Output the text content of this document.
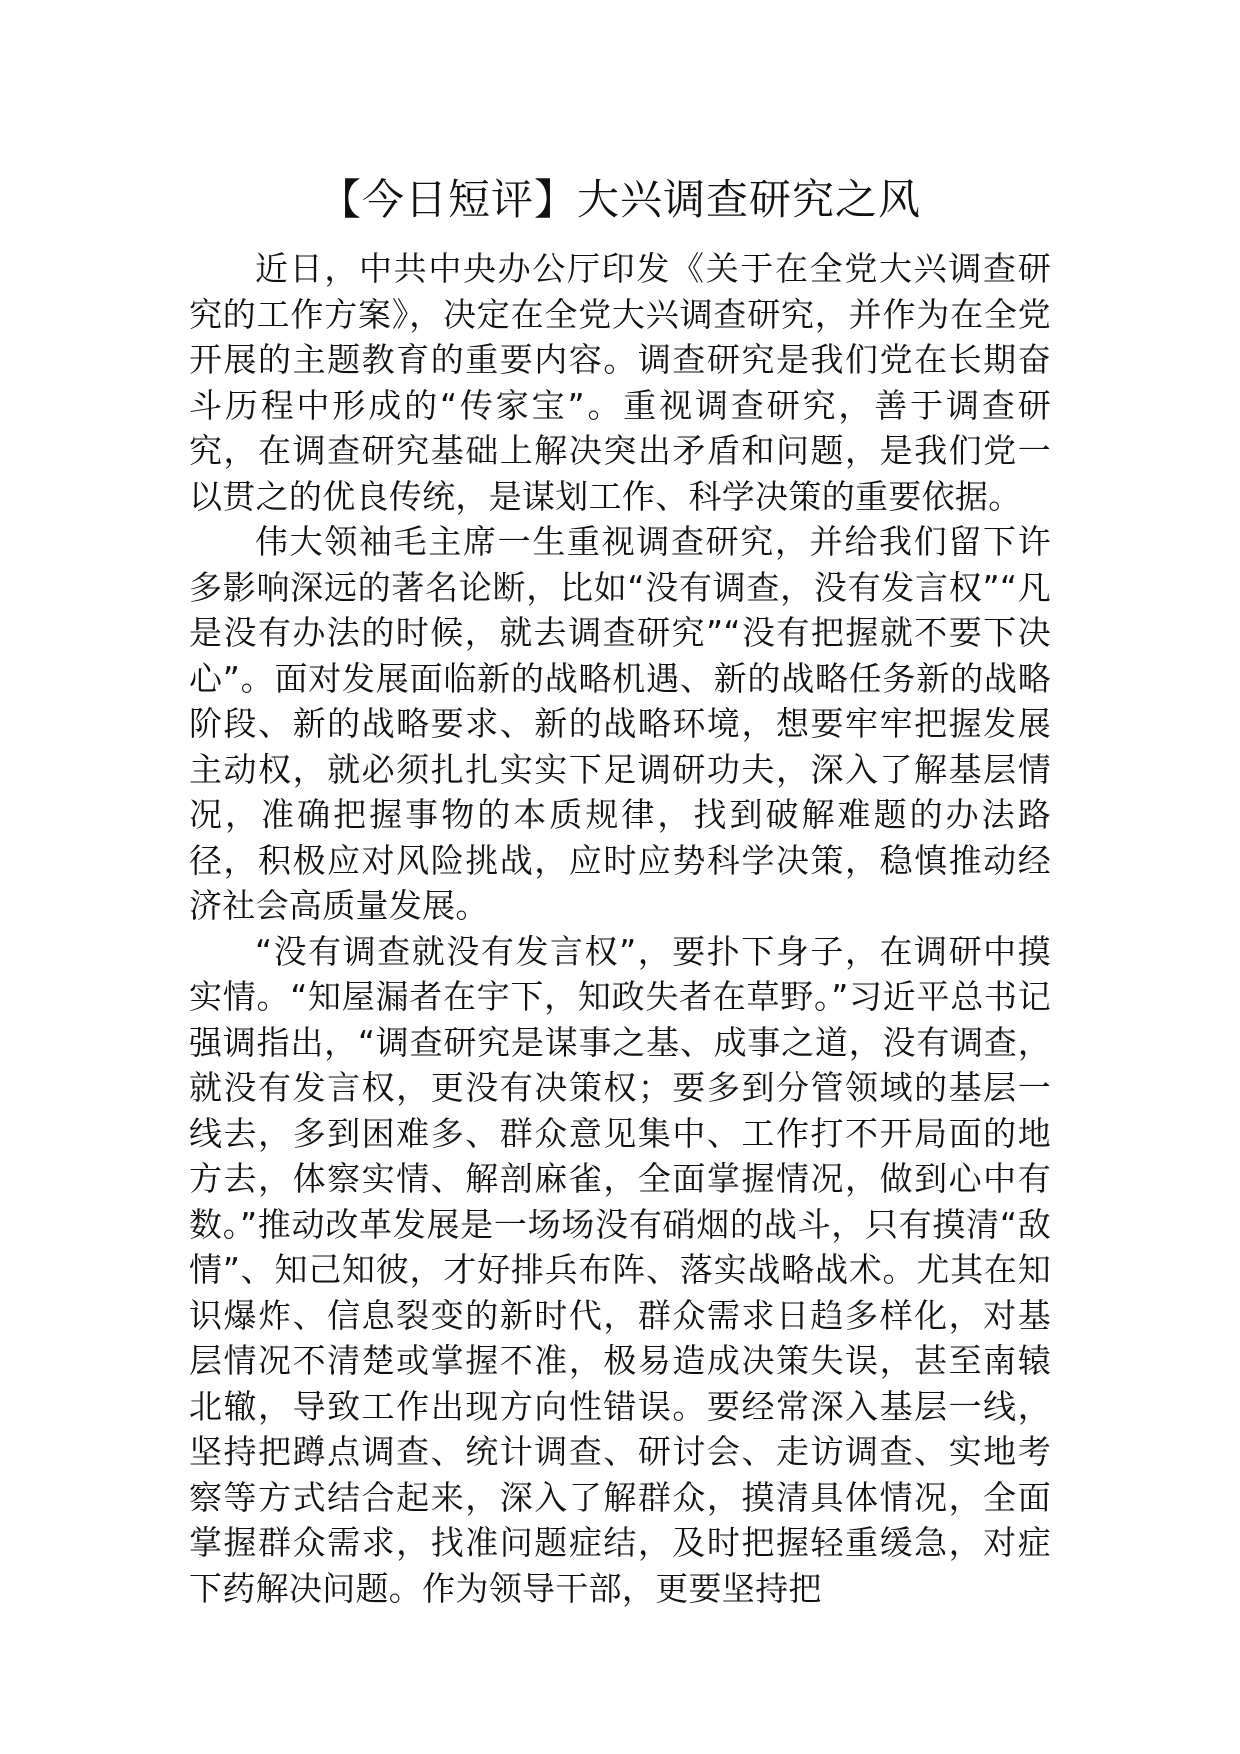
【今日短评】大兴调查研究之风

近日，中共中央办公厅印发《关于在全党大兴调查研究的工作方案》，决定在全党大兴调查研究，并作为在全党开展的主题教育的重要内容。调查研究是我们党在长期奋斗历程中形成的“传家宝”。重视调查研究，善于调查研究，在调查研究基础上解决突出矛盾和问题，是我们党一以贯之的优良传统，是谋划工作、科学决策的重要依据。

伟大领袖毛主席一生重视调查研究，并给我们留下许多影响深远的著名论断，比如“没有调查，没有发言权”“凡是没有办法的时候，就去调查研究”“没有把握就不要下决心”。面对发展面临新的战略机遇、新的战略任务新的战略阶段、新的战略要求、新的战略环境，想要牢牢把握发展主动权，就必须扎扎实实下足调研功夫，深入了解基层情况，准确把握事物的本质规律，找到破解难题的办法路径，积极应对风险挑战，应时应势科学决策，稳慎推动经济社会高质量发展。

“没有调查就没有发言权”，要扑下身子，在调研中摸实情。“知屋漏者在宇下，知政失者在草野。”习近平总书记强调指出，“调查研究是谋事之基、成事之道，没有调查，就没有发言权，更没有决策权；要多到分管领域的基层一线去，多到困难多、群众意见集中、工作打不开局面的地方去，体察实情、解剖麻雀，全面掌握情况，做到心中有数。”推动改革发展是一场场没有硝烟的战斗，只有摸清“敌情”、知己知彼，才好排兵布阵、落实战略战术。尤其在知识爆炸、信息裂变的新时代，群众需求日趋多样化，对基层情况不清楚或掌握不准，极易造成决策失误，甚至南辕北辙，导致工作出现方向性错误。要经常深入基层一线，坚持把蹲点调查、统计调查、研讨会、走访调查、实地考察等方式结合起来，深入了解群众，摸清具体情况，全面掌握群众需求，找准问题症结，及时把握轻重缓急，对症下药解决问题。作为领导干部，更要坚持把
